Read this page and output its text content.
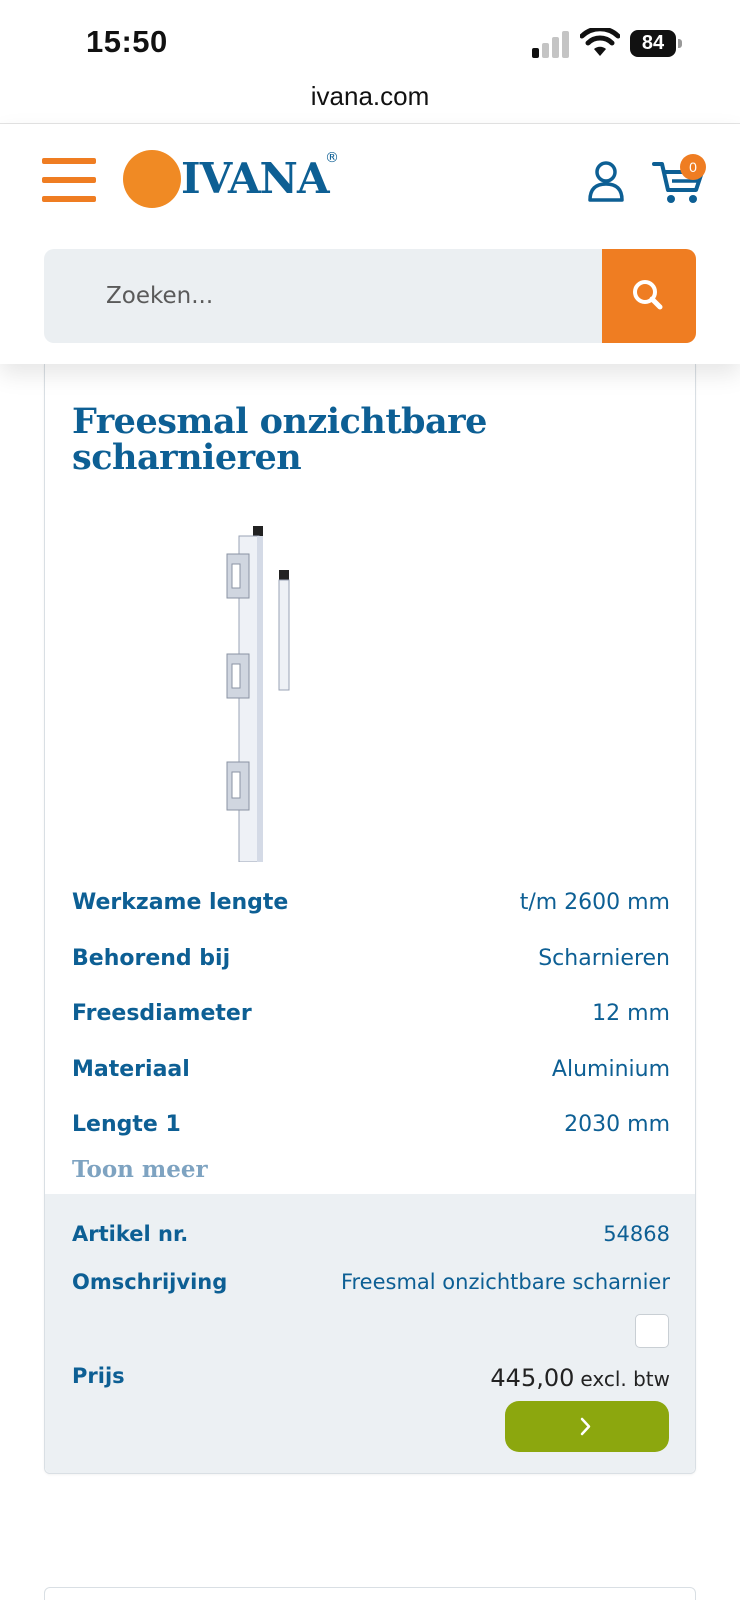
15:50	84
ivana.com
IVANA
®
0
Zoeken...
Freesmal onzichtbare scharnieren
Werkzame lengte	t/m 2600 mm
Behorend bij	Scharnieren
Freesdiameter	12 mm
Materiaal	Aluminium
Lengte 1	2030 mm
Toon meer
Artikel nr.	54868
Omschrijving	Freesmal onzichtbare scharnier
Prijs	445,00 excl. btw
